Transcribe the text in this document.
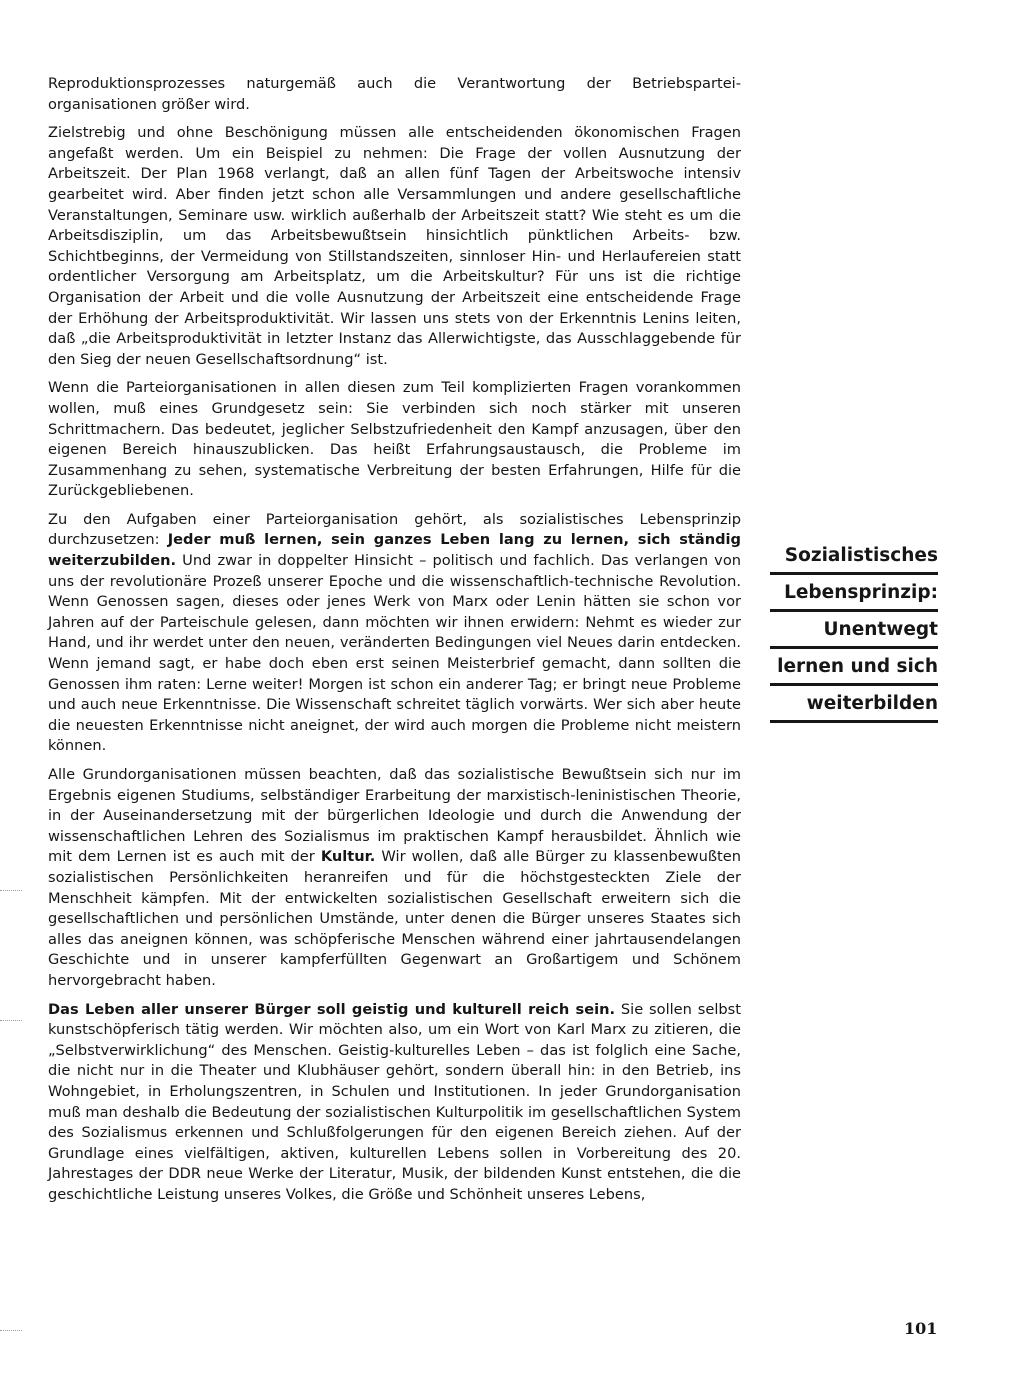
Reproduktionsprozesses naturgemäß auch die Verantwortung der Betriebspartei-organisationen größer wird.

Zielstrebig und ohne Beschönigung müssen alle entscheidenden ökonomischen Fragen angefaßt werden. Um ein Beispiel zu nehmen: Die Frage der vollen Ausnutzung der Arbeitszeit. Der Plan 1968 verlangt, daß an allen fünf Tagen der Arbeitswoche intensiv gearbeitet wird. Aber finden jetzt schon alle Versammlungen und andere gesellschaftliche Veranstaltungen, Seminare usw. wirklich außerhalb der Arbeitszeit statt? Wie steht es um die Arbeitsdisziplin, um das Arbeitsbewußtsein hinsichtlich pünktlichen Arbeits- bzw. Schichtbeginns, der Vermeidung von Stillstandszeiten, sinnloser Hin- und Herlaufereien statt ordentlicher Versorgung am Arbeitsplatz, um die Arbeitskultur? Für uns ist die richtige Organisation der Arbeit und die volle Ausnutzung der Arbeitszeit eine entscheidende Frage der Erhöhung der Arbeitsproduktivität. Wir lassen uns stets von der Erkenntnis Lenins leiten, daß „die Arbeitsproduktivität in letzter Instanz das Allerwichtigste, das Ausschlaggebende für den Sieg der neuen Gesellschaftsordnung“ ist.

Wenn die Parteiorganisationen in allen diesen zum Teil komplizierten Fragen vorankommen wollen, muß eines Grundgesetz sein: Sie verbinden sich noch stärker mit unseren Schrittmachern. Das bedeutet, jeglicher Selbstzufriedenheit den Kampf anzusagen, über den eigenen Bereich hinauszublicken. Das heißt Erfahrungsaustausch, die Probleme im Zusammenhang zu sehen, systematische Verbreitung der besten Erfahrungen, Hilfe für die Zurückgebliebenen.

Zu den Aufgaben einer Parteiorganisation gehört, als sozialistisches Lebensprinzip durchzusetzen: Jeder muß lernen, sein ganzes Leben lang zu lernen, sich ständig weiterzubilden. Und zwar in doppelter Hinsicht – politisch und fachlich. Das verlangen von uns der revolutionäre Prozeß unserer Epoche und die wissenschaftlich-technische Revolution. Wenn Genossen sagen, dieses oder jenes Werk von Marx oder Lenin hätten sie schon vor Jahren auf der Parteischule gelesen, dann möchten wir ihnen erwidern: Nehmt es wieder zur Hand, und ihr werdet unter den neuen, veränderten Bedingungen viel Neues darin entdecken. Wenn jemand sagt, er habe doch eben erst seinen Meisterbrief gemacht, dann sollten die Genossen ihm raten: Lerne weiter! Morgen ist schon ein anderer Tag; er bringt neue Probleme und auch neue Erkenntnisse. Die Wissenschaft schreitet täglich vorwärts. Wer sich aber heute die neuesten Erkenntnisse nicht aneignet, der wird auch morgen die Probleme nicht meistern können.

Alle Grundorganisationen müssen beachten, daß das sozialistische Bewußtsein sich nur im Ergebnis eigenen Studiums, selbständiger Erarbeitung der marxistisch-leninistischen Theorie, in der Auseinandersetzung mit der bürgerlichen Ideologie und durch die Anwendung der wissenschaftlichen Lehren des Sozialismus im praktischen Kampf herausbildet. Ähnlich wie mit dem Lernen ist es auch mit der Kultur. Wir wollen, daß alle Bürger zu klassenbewußten sozialistischen Persönlichkeiten heranreifen und für die höchstgesteckten Ziele der Menschheit kämpfen. Mit der entwickelten sozialistischen Gesellschaft erweitern sich die gesellschaftlichen und persönlichen Umstände, unter denen die Bürger unseres Staates sich alles das aneignen können, was schöpferische Menschen während einer jahrtausendelangen Geschichte und in unserer kampferfüllten Gegenwart an Großartigem und Schönem hervorgebracht haben.

Das Leben aller unserer Bürger soll geistig und kulturell reich sein. Sie sollen selbst kunstschöpferisch tätig werden. Wir möchten also, um ein Wort von Karl Marx zu zitieren, die „Selbstverwirklichung“ des Menschen. Geistig-kulturelles Leben – das ist folglich eine Sache, die nicht nur in die Theater und Klubhäuser gehört, sondern überall hin: in den Betrieb, ins Wohngebiet, in Erholungszentren, in Schulen und Institutionen. In jeder Grundorganisation muß man deshalb die Bedeutung der sozialistischen Kulturpolitik im gesellschaftlichen System des Sozialismus erkennen und Schlußfolgerungen für den eigenen Bereich ziehen. Auf der Grundlage eines vielfältigen, aktiven, kulturellen Lebens sollen in Vorbereitung des 20. Jahrestages der DDR neue Werke der Literatur, Musik, der bildenden Kunst entstehen, die die geschichtliche Leistung unseres Volkes, die Größe und Schönheit unseres Lebens,

Sozialistisches
Lebensprinzip:
Unentwegt
lernen und sich
weiterbilden
101
